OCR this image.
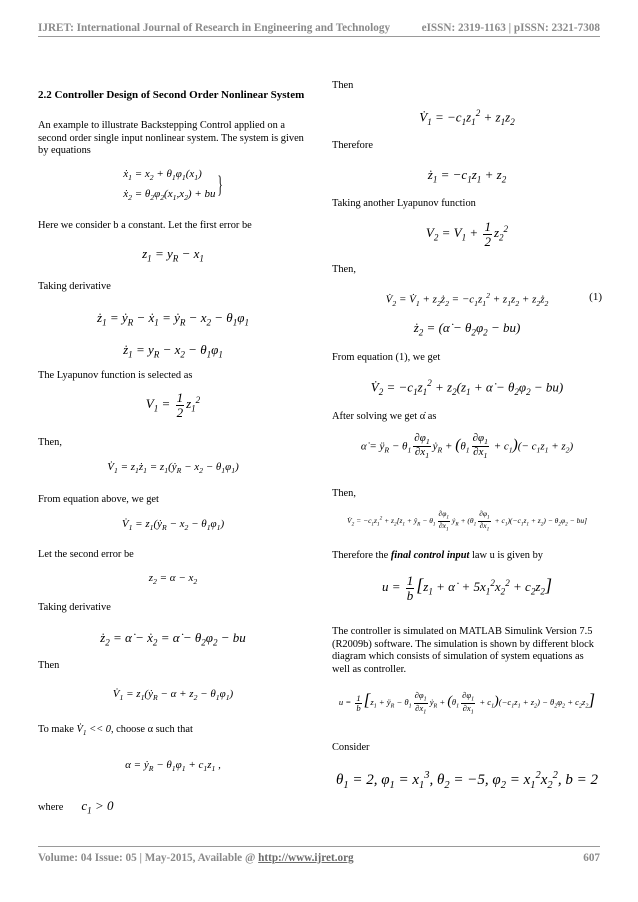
IJRET: International Journal of Research in Engineering and Technology	eISSN: 2319-1163 | pISSN: 2321-7308
2.2 Controller Design of Second Order Nonlinear System
An example to illustrate Backstepping Control applied on a second order single input nonlinear system. The system is given by equations
ẋ$_1$ = $x_2 + \theta_1\varphi_1(x_1)$
ẋ$_2$ = $\theta_2\varphi_2(x_1,x_2)$ + bu }
Here we consider b a constant. Let the first error be
$z_1 = y_R - x_1$
Taking derivative
$ż_1$ = ẏ$_R$ − ẋ$_1$ = ẏ$_R$ − $x_2 - \theta_1\varphi_1$
$ż_1 = y_R - x_2 - \theta_1\varphi_1$
The Lyapunov function is selected as
$V_1 = \frac{1}{2} z_1^2$
Then,
$V̇_1$ = $z_1ż_1$ = $z_1(ẏ_R - x_2 - \theta_1\varphi_1)$
From equation above, we get
$V̇_1$ = $z_1(ẏ_R - x_2 - \theta_1\varphi_1)$
Let the second error be
$z_2 = \alpha - x_2$
Taking derivative
$ż_2$ = α̇ − ẋ$_2$ = α̇ − $\theta_2\varphi_2$ − bu
Then
$V̇_1$ = $z_1(ẏ_R - \alpha + z_2 - \theta_1\varphi_1)$
To make $V̇_1 << 0$, choose α such that
α = ẏ$_R$ − $\theta_1\varphi_1 + c_1z_1$ ,
where $c_1 > 0$
Then
$V̇_1 = -c_1z_1^2 + z_1z_2$
Therefore
$ż_1 = -c_1z_1 + z_2$
Taking another Lyapunov function
$V_2 = V_1 + \frac{1}{2} z_2^2$
Then,
$V̇_2$ = $V̇_1$ + $z_2ż_2 = -c_1z_1^2 + z_1z_2$ + $z_2ż_2$
(1)
$ż_2$ = (α̇ − $\theta_2\varphi_2 - bu$)
From equation (1), we get
$V̇_2 = -c_1z_1^2 + z_2(z_1$ + α̇ − $\theta_2\varphi_2 - bu$)
After solving we get α̇ as
α̇ = $ÿ_R - \theta_1 \frac{\partial\varphi_1}{\partial x_1}$ ẏ$_R$ + $(\theta_1 \frac{\partial\varphi_1}{\partial x_1} + c_1)(- c_1z_1 + z_2)$
Then,
$V̇_2 = -c_1z_1^2 + z_2[z_1$ + $ÿ_R - \theta_1 \frac{\partial\varphi_1}{\partial x_1}$ ẏ$_R$ + $(\theta_1 \frac{\partial\varphi_1}{\partial x_1} + c_1)(-c_1z_1 + z_2) - \theta_2\varphi_2 - bu$]
Therefore the final control input law u is given by
$u = \frac{1}{b} [z_1$ + α̇  + $5x_1^2x_2^2 + c_2z_2$]
The controller is simulated on MATLAB Simulink Version 7.5 (R2009b) software. The simulation is shown by different block diagram which consists of simulation of system equations as well as controller.
$u = \frac{1}{b} [z_1$ + $ÿ_R - \theta_1 \frac{\partial\varphi_1}{\partial x_1}$ ẏ$_R$ + $(\theta_1 \frac{\partial\varphi_1}{\partial x_1} + c_1)(-c_1z_1 + z_2) - \theta_2\varphi_2 + c_2z_2$]
Consider
$\theta_1 = 2$, $\varphi_1 = x_1^3$, $\theta_2 = -5$, $\varphi_2 = x_1^2x_2^2$, b = 2
Volume: 04 Issue: 05 | May-2015, Available @ http://www.ijret.org	607
